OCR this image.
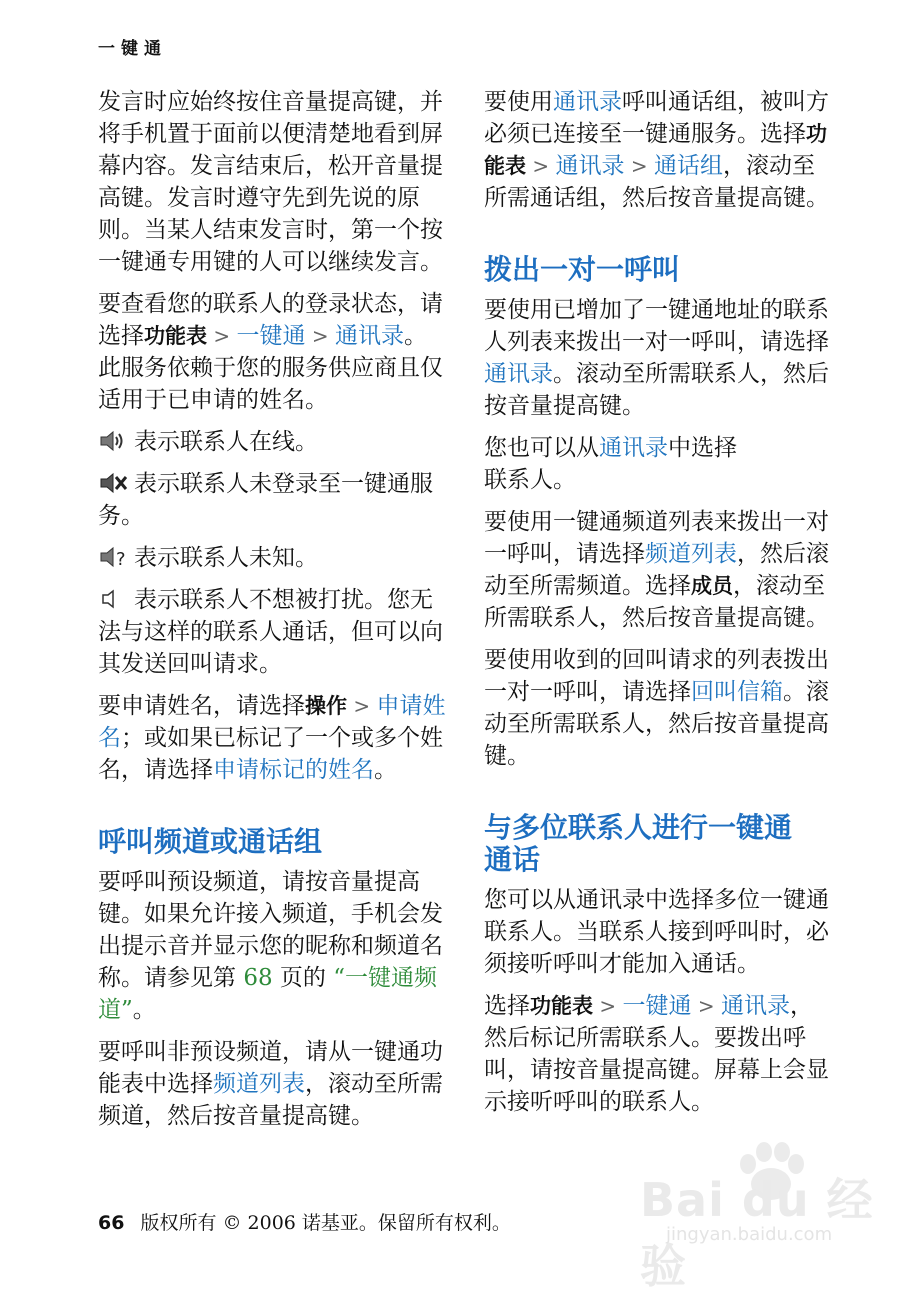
一键通

发言时应始终按住音量提高键，并将手机置于面前以便清楚地看到屏幕内容。发言结束后，松开音量提高键。发言时遵守先到先说的原则。当某人结束发言时，第一个按一键通专用键的人可以继续发言。

要查看您的联系人的登录状态，请选择功能表 > 一键通 > 通讯录。此服务依赖于您的服务供应商且仅适用于已申请的姓名。

表示联系人在线。

表示联系人未登录至一键通服务。

? 表示联系人未知。

表示联系人不想被打扰。您无法与这样的联系人通话，但可以向其发送回叫请求。

要申请姓名，请选择操作 > 申请姓名；或如果已标记了一个或多个姓名，请选择申请标记的姓名。

呼叫频道或通话组

要呼叫预设频道，请按音量提高键。如果允许接入频道，手机会发出提示音并显示您的昵称和频道名称。请参见第 68 页的 “一键通频道”。

要呼叫非预设频道，请从一键通功能表中选择频道列表，滚动至所需频道，然后按音量提高键。

要使用通讯录呼叫通话组，被叫方必须已连接至一键通服务。选择功能表 > 通讯录 > 通话组，滚动至所需通话组，然后按音量提高键。

拨出一对一呼叫

要使用已增加了一键通地址的联系人列表来拨出一对一呼叫，请选择通讯录。滚动至所需联系人，然后按音量提高键。

您也可以从通讯录中选择
联系人。

要使用一键通频道列表来拨出一对一呼叫，请选择频道列表，然后滚动至所需频道。选择成员，滚动至所需联系人，然后按音量提高键。

要使用收到的回叫请求的列表拨出一对一呼叫，请选择回叫信箱。滚动至所需联系人，然后按音量提高键。

与多位联系人进行一键通
通话

您可以从通讯录中选择多位一键通联系人。当联系人接到呼叫时，必须接听呼叫才能加入通话。

选择功能表 > 一键通 > 通讯录，然后标记所需联系人。要拨出呼叫，请按音量提高键。屏幕上会显示接听呼叫的联系人。

66 版权所有 © 2006 诺基亚。保留所有权利。	Bai du 经验
jingyan.baidu.com
